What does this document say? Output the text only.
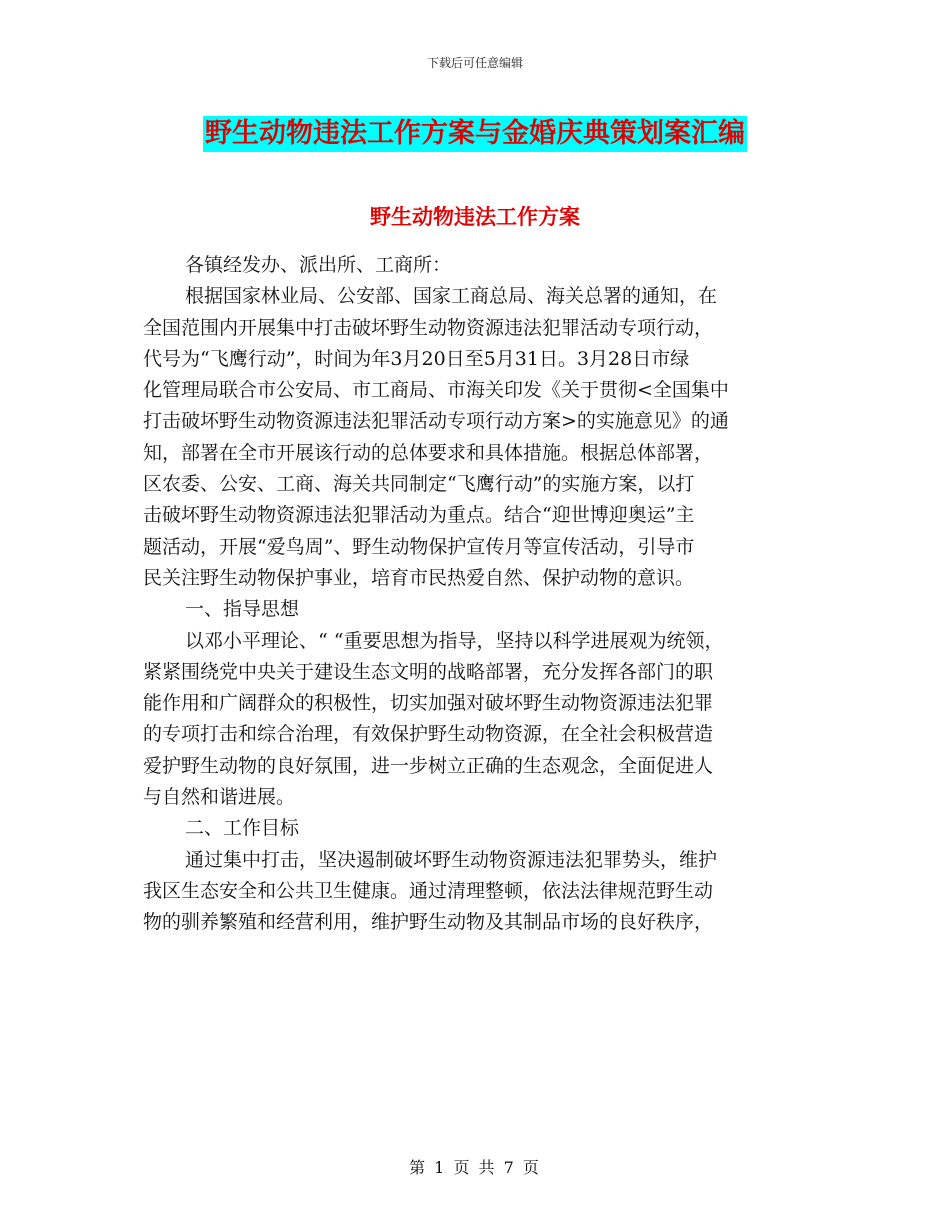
下载后可任意编辑
野生动物违法工作方案与金婚庆典策划案汇编
野生动物违法工作方案

各镇经发办、派出所、工商所：

根据国家林业局、公安部、国家工商总局、海关总署的通知，在
全国范围内开展集中打击破坏野生动物资源违法犯罪活动专项行动，
代号为“飞鹰行动”，时间为年3月20日至5月31日。3月28日市绿
化管理局联合市公安局、市工商局、市海关印发《关于贯彻<全国集中
打击破坏野生动物资源违法犯罪活动专项行动方案>的实施意见》的通
知，部署在全市开展该行动的总体要求和具体措施。根据总体部署，
区农委、公安、工商、海关共同制定“飞鹰行动”的实施方案，以打
击破坏野生动物资源违法犯罪活动为重点。结合“迎世博迎奥运”主
题活动，开展“爱鸟周”、野生动物保护宣传月等宣传活动，引导市
民关注野生动物保护事业，培育市民热爱自然、保护动物的意识。

一、指导思想

以邓小平理论、“ “重要思想为指导，坚持以科学进展观为统领，
紧紧围绕党中央关于建设生态文明的战略部署，充分发挥各部门的职
能作用和广阔群众的积极性，切实加强对破坏野生动物资源违法犯罪
的专项打击和综合治理，有效保护野生动物资源，在全社会积极营造
爱护野生动物的良好氛围，进一步树立正确的生态观念，全面促进人
与自然和谐进展。

二、工作目标

通过集中打击，坚决遏制破坏野生动物资源违法犯罪势头，维护
我区生态安全和公共卫生健康。通过清理整顿，依法法律规范野生动
物的驯养繁殖和经营利用，维护野生动物及其制品市场的良好秩序，

第 1 页 共 7 页
